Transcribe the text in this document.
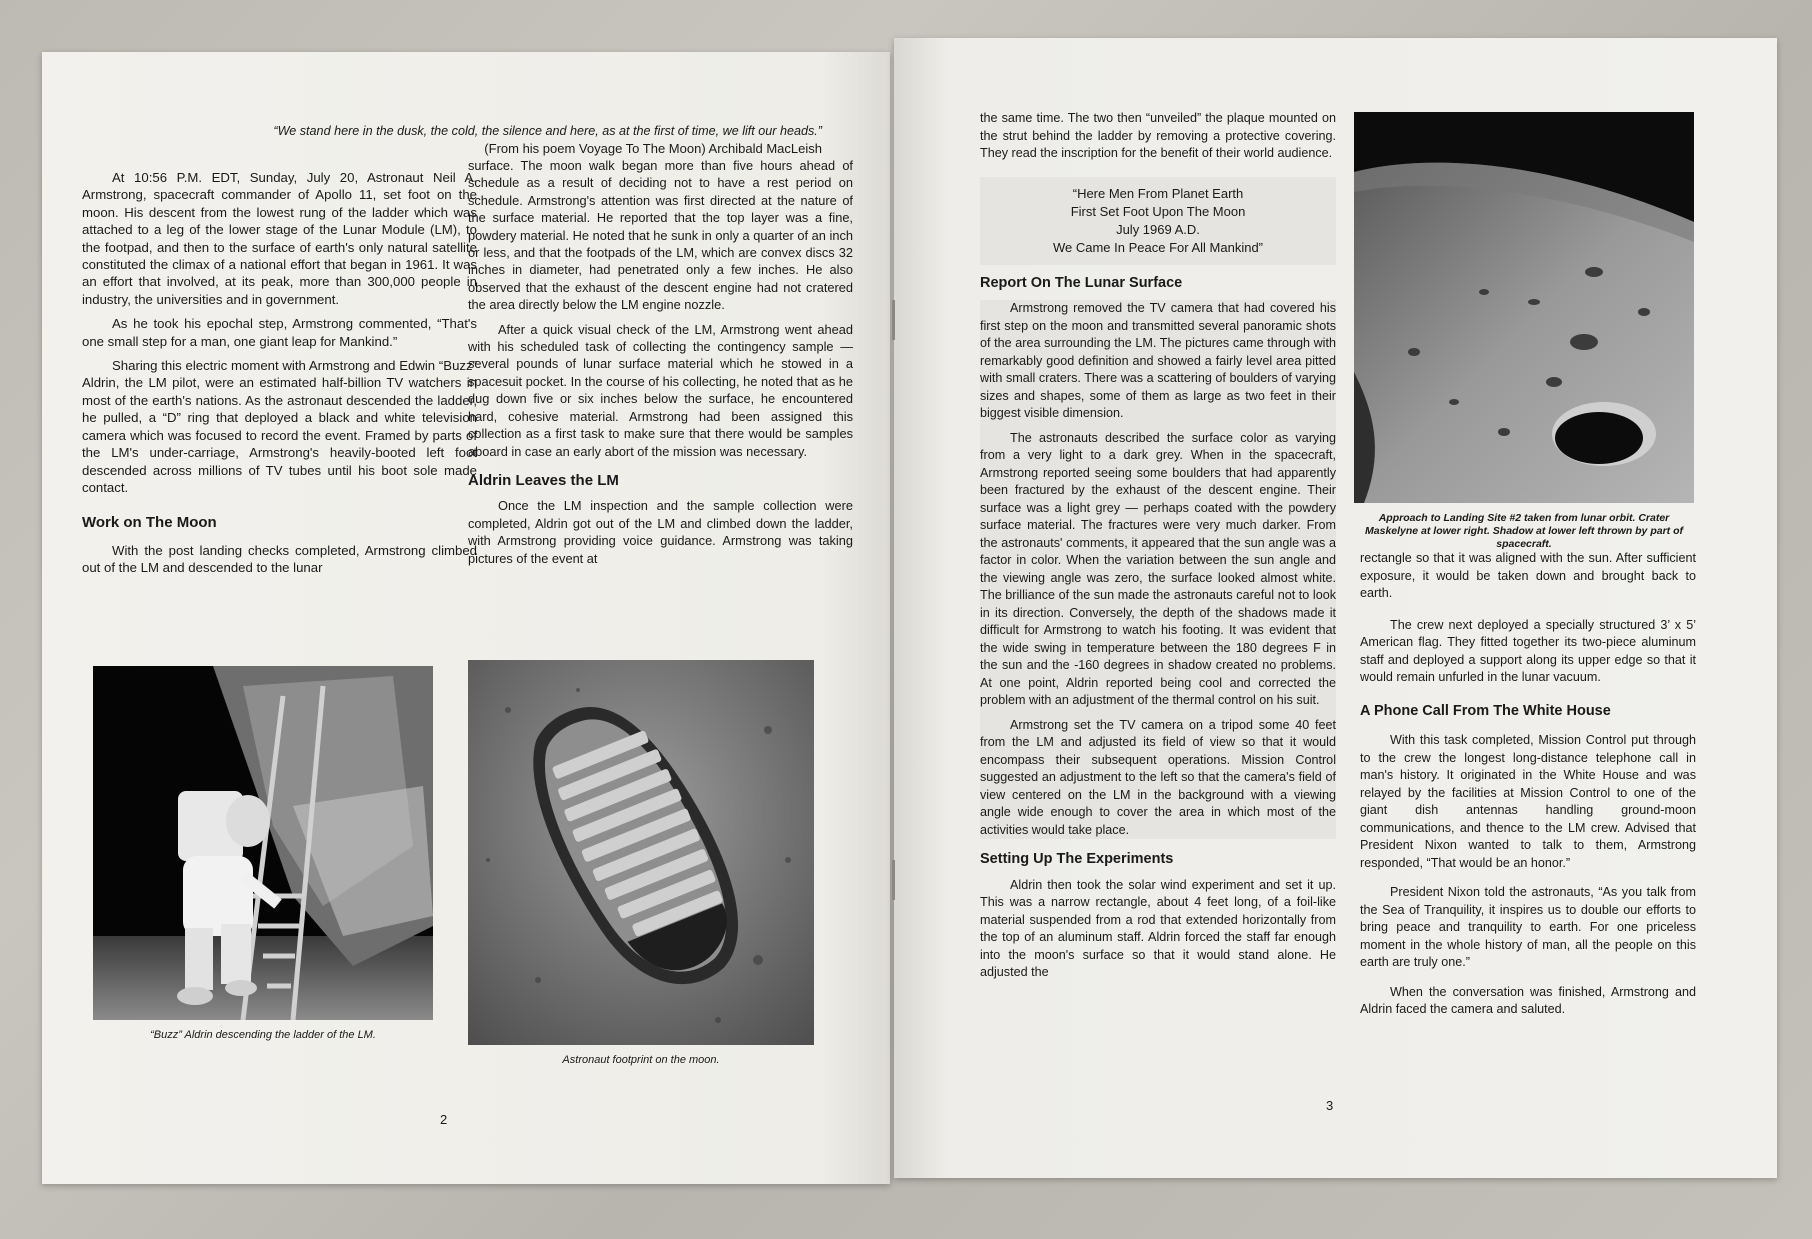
“We stand here in the dusk, the cold, the silence and here, as at the first of time, we lift our heads.”

(From his poem Voyage To The Moon) Archibald MacLeish

At 10:56 P.M. EDT, Sunday, July 20, Astronaut Neil A. Armstrong, spacecraft commander of Apollo 11, set foot on the moon. His descent from the lowest rung of the ladder which was attached to a leg of the lower stage of the Lunar Module (LM), to the footpad, and then to the surface of earth's only natural satellite constituted the climax of a national effort that began in 1961. It was an effort that involved, at its peak, more than 300,000 people in industry, the universities and in government.

As he took his epochal step, Armstrong commented, “That's one small step for a man, one giant leap for Mankind.”

Sharing this electric moment with Armstrong and Edwin “Buzz” Aldrin, the LM pilot, were an estimated half-billion TV watchers in most of the earth's nations. As the astronaut descended the ladder, he pulled, a “D” ring that deployed a black and white television camera which was focused to record the event. Framed by parts of the LM's under-carriage, Armstrong's heavily-booted left foot descended across millions of TV tubes until his boot sole made contact.

Work on The Moon

With the post landing checks completed, Armstrong climbed out of the LM and descended to the lunar

surface. The moon walk began more than five hours ahead of schedule as a result of deciding not to have a rest period on schedule. Armstrong's attention was first directed at the nature of the surface material. He reported that the top layer was a fine, powdery material. He noted that he sunk in only a quarter of an inch or less, and that the footpads of the LM, which are convex discs 32 inches in diameter, had penetrated only a few inches. He also observed that the exhaust of the descent engine had not cratered the area directly below the LM engine nozzle.

After a quick visual check of the LM, Armstrong went ahead with his scheduled task of collecting the contingency sample — several pounds of lunar surface material which he stowed in a spacesuit pocket. In the course of his collecting, he noted that as he dug down five or six inches below the surface, he encountered hard, cohesive material. Armstrong had been assigned this collection as a first task to make sure that there would be samples aboard in case an early abort of the mission was necessary.

Aldrin Leaves the LM

Once the LM inspection and the sample collection were completed, Aldrin got out of the LM and climbed down the ladder, with Armstrong providing voice guidance. Armstrong was taking pictures of the event at

“Buzz” Aldrin descending the ladder of the LM.
Astronaut footprint on the moon.
2

the same time. The two then “unveiled” the plaque mounted on the strut behind the ladder by removing a protective covering. They read the inscription for the benefit of their world audience.

“Here Men From Planet Earth
First Set Foot Upon The Moon
July 1969 A.D.
We Came In Peace For All Mankind”
Report On The Lunar Surface

Armstrong removed the TV camera that had covered his first step on the moon and transmitted several panoramic shots of the area surrounding the LM. The pictures came through with remarkably good definition and showed a fairly level area pitted with small craters. There was a scattering of boulders of varying sizes and shapes, some of them as large as two feet in their biggest visible dimension.

The astronauts described the surface color as varying from a very light to a dark grey. When in the spacecraft, Armstrong reported seeing some boulders that had apparently been fractured by the exhaust of the descent engine. Their surface was a light grey — perhaps coated with the powdery surface material. The fractures were very much darker. From the astronauts' comments, it appeared that the sun angle was a factor in color. When the variation between the sun angle and the viewing angle was zero, the surface looked almost white. The brilliance of the sun made the astronauts careful not to look in its direction. Conversely, the depth of the shadows made it difficult for Armstrong to watch his footing. It was evident that the wide swing in temperature between the 180 degrees F in the sun and the -160 degrees in shadow created no problems. At one point, Aldrin reported being cool and corrected the problem with an adjustment of the thermal control on his suit.

Armstrong set the TV camera on a tripod some 40 feet from the LM and adjusted its field of view so that it would encompass their subsequent operations. Mission Control suggested an adjustment to the left so that the camera's field of view centered on the LM in the background with a viewing angle wide enough to cover the area in which most of the activities would take place.

Setting Up The Experiments

Aldrin then took the solar wind experiment and set it up. This was a narrow rectangle, about 4 feet long, of a foil-like material suspended from a rod that extended horizontally from the top of an aluminum staff. Aldrin forced the staff far enough into the moon's surface so that it would stand alone. He adjusted the

Approach to Landing Site #2 taken from lunar orbit. Crater Maskelyne at lower right. Shadow at lower left thrown by part of spacecraft.

rectangle so that it was aligned with the sun. After sufficient exposure, it would be taken down and brought back to earth.

The crew next deployed a specially structured 3’ x 5’ American flag. They fitted together its two-piece aluminum staff and deployed a support along its upper edge so that it would remain unfurled in the lunar vacuum.

A Phone Call From The White House

With this task completed, Mission Control put through to the crew the longest long-distance telephone call in man's history. It originated in the White House and was relayed by the facilities at Mission Control to one of the giant dish antennas handling ground-moon communications, and thence to the LM crew. Advised that President Nixon wanted to talk to them, Armstrong responded, “That would be an honor.”

President Nixon told the astronauts, “As you talk from the Sea of Tranquility, it inspires us to double our efforts to bring peace and tranquility to earth. For one priceless moment in the whole history of man, all the people on this earth are truly one.”

When the conversation was finished, Armstrong and Aldrin faced the camera and saluted.

3
